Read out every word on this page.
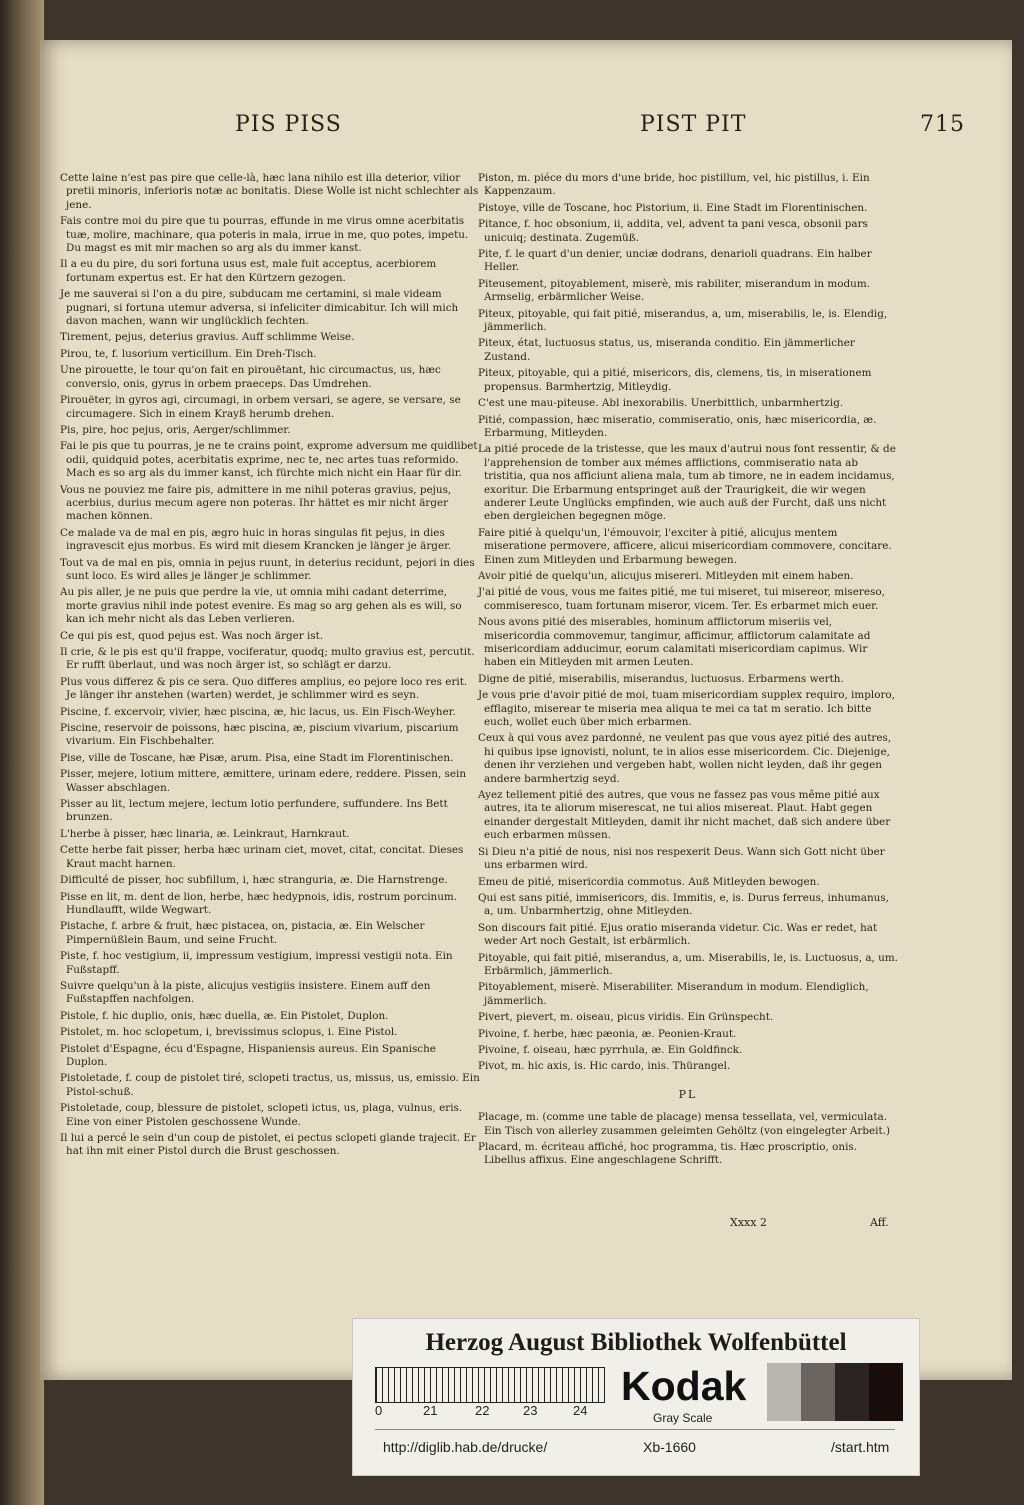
PIS PISS	PIST PIT	715

Cette laine n'est pas pire que celle-là, hæc lana nihilo est illa deterior, vilior pretii minoris, inferioris notæ ac bonitatis. Diese Wolle ist nicht schlechter als jene.

Fais contre moi du pire que tu pourras, effunde in me virus omne acerbitatis tuæ, molire, machinare, qua poteris in mala, irrue in me, quo potes, impetu. Du magst es mit mir machen so arg als du immer kanst.

Il a eu du pire, du sori fortuna usus est, male fuit acceptus, acerbiorem fortunam expertus est. Er hat den Kürtzern gezogen.

Je me sauverai si l'on a du pire, subducam me certamini, si male videam pugnari, si fortuna utemur adversa, si infeliciter dimicabitur. Ich will mich davon machen, wann wir unglücklich fechten.

Tirement, pejus, deterius gravius. Auff schlimme Weise.

Pirou, te, f. lusorium verticillum. Ein Dreh-Tisch.

Une pirouette, le tour qu'on fait en pirouëtant, hic circumactus, us, hæc conversio, onis, gyrus in orbem praeceps. Das Umdrehen.

Pirouëter, in gyros agi, circumagi, in orbem versari, se agere, se versare, se circumagere. Sich in einem Krayß herumb drehen.

Pis, pire, hoc pejus, oris, Aerger/schlimmer.

Fai le pis que tu pourras, je ne te crains point, exprome adversum me quidlibet odii, quidquid potes, acerbitatis exprime, nec te, nec artes tuas reformido. Mach es so arg als du immer kanst, ich fürchte mich nicht ein Haar für dir.

Vous ne pouviez me faire pis, admittere in me nihil poteras gravius, pejus, acerbius, durius mecum agere non poteras. Ihr hättet es mir nicht ärger machen können.

Ce malade va de mal en pis, ægro huic in horas singulas fit pejus, in dies ingravescit ejus morbus. Es wird mit diesem Krancken je länger je ärger.

Tout va de mal en pis, omnia in pejus ruunt, in deterius recidunt, pejori in dies sunt loco. Es wird alles je länger je schlimmer.

Au pis aller, je ne puis que perdre la vie, ut omnia mihi cadant deterrime, morte gravius nihil inde potest evenire. Es mag so arg gehen als es will, so kan ich mehr nicht als das Leben verlieren.

Ce qui pis est, quod pejus est. Was noch ärger ist.

Il crie, & le pis est qu'il frappe, vociferatur, quodq; multo gravius est, percutit. Er rufft überlaut, und was noch ärger ist, so schlägt er darzu.

Plus vous differez & pis ce sera. Quo differes amplius, eo pejore loco res erit. Je länger ihr anstehen (warten) werdet, je schlimmer wird es seyn.

Piscine, f. excervoir, vivier, hæc piscina, æ, hic lacus, us. Ein Fisch-Weyher.

Piscine, reservoir de poissons, hæc piscina, æ, piscium vivarium, piscarium vivarium. Ein Fischbehalter.

Pise, ville de Toscane, hæ Pisæ, arum. Pisa, eine Stadt im Florentinischen.

Pisser, mejere, lotium mittere, æmittere, urinam edere, reddere. Pissen, sein Wasser abschlagen.

Pisser au lit, lectum mejere, lectum lotio perfundere, suffundere. Ins Bett brunzen.

L'herbe à pisser, hæc linaria, æ. Leinkraut, Harnkraut.

Cette herbe fait pisser, herba hæc urinam ciet, movet, citat, concitat. Dieses Kraut macht harnen.

Difficulté de pisser, hoc subfillum, i, hæc stranguria, æ. Die Harnstrenge.

Pisse en lit, m. dent de lion, herbe, hæc hedypnois, idis, rostrum porcinum. Hundlaufft, wilde Wegwart.

Pistache, f. arbre & fruit, hæc pistacea, on, pistacia, æ. Ein Welscher Pimpernüßlein Baum, und seine Frucht.

Piste, f. hoc vestigium, ii, impressum vestigium, impressi vestigii nota. Ein Fußstapff.

Suivre quelqu'un à la piste, alicujus vestigiis insistere. Einem auff den Fußstapffen nachfolgen.

Pistole, f. hic duplio, onis, hæc duella, æ. Ein Pistolet, Duplon.

Pistolet, m. hoc sclopetum, i, brevissimus sclopus, i. Eine Pistol.

Pistolet d'Espagne, écu d'Espagne, Hispaniensis aureus. Ein Spanische Duplon.

Pistoletade, f. coup de pistolet tiré, sclopeti tractus, us, missus, us, emissio. Ein Pistol-schuß.

Pistoletade, coup, blessure de pistolet, sclopeti ictus, us, plaga, vulnus, eris. Eine von einer Pistolen geschossene Wunde.

Il lui a percé le sein d'un coup de pistolet, ei pectus sclopeti glande trajecit. Er hat ihn mit einer Pistol durch die Brust geschossen.

Piston, m. piéce du mors d'une bride, hoc pistillum, vel, hic pistillus, i. Ein Kappenzaum.

Pistoye, ville de Toscane, hoc Pistorium, ii. Eine Stadt im Florentinischen.

Pitance, f. hoc obsonium, ii, addita, vel, advent ta pani vesca, obsonii pars unicuiq; destinata. Zugemüß.

Pite, f. le quart d'un denier, unciæ dodrans, denarioli quadrans. Ein halber Heller.

Piteusement, pitoyablement, miserè, mis rabiliter, miserandum in modum. Armselig, erbärmlicher Weise.

Piteux, pitoyable, qui fait pitié, miserandus, a, um, miserabilis, le, is. Elendig, jämmerlich.

Piteux, état, luctuosus status, us, miseranda conditio. Ein jämmerlicher Zustand.

Piteux, pitoyable, qui a pitié, misericors, dis, clemens, tis, in miserationem propensus. Barmhertzig, Mitleydig.

C'est une mau-piteuse. Abl inexorabilis. Unerbittlich, unbarmhertzig.

Pitié, compassion, hæc miseratio, commiseratio, onis, hæc misericordia, æ. Erbarmung, Mitleyden.

La pitié procede de la tristesse, que les maux d'autrui nous font ressentir, & de l'apprehension de tomber aux mémes afflictions, commiseratio nata ab tristitia, qua nos afficiunt aliena mala, tum ab timore, ne in eadem incidamus, exoritur. Die Erbarmung entspringet auß der Traurigkeit, die wir wegen anderer Leute Unglücks empfinden, wie auch auß der Furcht, daß uns nicht eben dergleichen begegnen möge.

Faire pitié à quelqu'un, l'émouvoir, l'exciter à pitié, alicujus mentem miseratione permovere, afficere, alicui misericordiam commovere, concitare. Einen zum Mitleyden und Erbarmung bewegen.

Avoir pitié de quelqu'un, alicujus misereri. Mitleyden mit einem haben.

J'ai pitié de vous, vous me faites pitié, me tui miseret, tui misereor, misereso, commiseresco, tuam fortunam miseror, vicem. Ter. Es erbarmet mich euer.

Nous avons pitié des miserables, hominum afflictorum miseriis vel, misericordia commovemur, tangimur, afficimur, afflictorum calamitate ad misericordiam adducimur, eorum calamitati misericordiam capimus. Wir haben ein Mitleyden mit armen Leuten.

Digne de pitié, miserabilis, miserandus, luctuosus. Erbarmens werth.

Je vous prie d'avoir pitié de moi, tuam misericordiam supplex requiro, imploro, efflagito, miserear te miseria mea aliqua te mei ca tat m seratio. Ich bitte euch, wollet euch über mich erbarmen.

Ceux à qui vous avez pardonné, ne veulent pas que vous ayez pitié des autres, hi quibus ipse ignovisti, nolunt, te in alios esse misericordem. Cic. Diejenige, denen ihr verziehen und vergeben habt, wollen nicht leyden, daß ihr gegen andere barmhertzig seyd.

Ayez tellement pitié des autres, que vous ne fassez pas vous même pitié aux autres, ita te aliorum miserescat, ne tui alios misereat. Plaut. Habt gegen einander dergestalt Mitleyden, damit ihr nicht machet, daß sich andere über euch erbarmen müssen.

Si Dieu n'a pitié de nous, nisi nos respexerit Deus. Wann sich Gott nicht über uns erbarmen wird.

Emeu de pitié, misericordia commotus. Auß Mitleyden bewogen.

Qui est sans pitié, immisericors, dis. Immitis, e, is. Durus ferreus, inhumanus, a, um. Unbarmhertzig, ohne Mitleyden.

Son discours fait pitié. Ejus oratio miseranda videtur. Cic. Was er redet, hat weder Art noch Gestalt, ist erbärmlich.

Pitoyable, qui fait pitié, miserandus, a, um. Miserabilis, le, is. Luctuosus, a, um. Erbärmlich, jämmerlich.

Pitoyablement, miserè. Miserabiliter. Miserandum in modum. Elendiglich, jämmerlich.

Pivert, pievert, m. oiseau, picus viridis. Ein Grünspecht.

Pivoine, f. herbe, hæc pæonia, æ. Peonien-Kraut.

Pivoine, f. oiseau, hæc pyrrhula, æ. Ein Goldfinck.

Pivot, m. hic axis, is. Hic cardo, inis. Thürangel.

PL

Placage, m. (comme une table de placage) mensa tessellata, vel, vermiculata. Ein Tisch von allerley zusammen geleimten Gehöltz (von eingelegter Arbeit.)

Placard, m. écriteau affiché, hoc programma, tis. Hæc proscriptio, onis. Libellus affixus. Eine angeschlagene Schrifft.

Xxxx 2	Aff.
Herzog August Bibliothek Wolfenbüttel
0	21	22	23	24
Kodak
Gray Scale
http://diglib.hab.de/drucke/	Xb-1660	/start.htm
